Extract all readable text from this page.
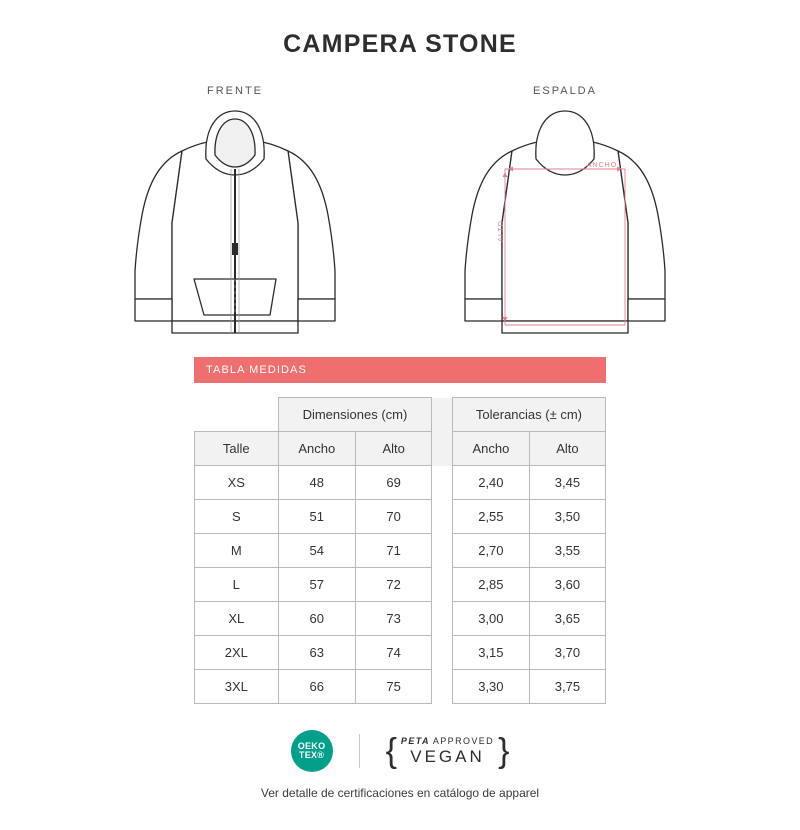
CAMPERA STONE
FRENTE	ESPALDA
ANCHO
ALTO
TABLA MEDIDAS
	Dimensiones (cm)			Tolerancias (± cm)	
Talle	Ancho	Alto		Ancho	Alto
XS	48	69		2,40	3,45
S	51	70		2,55	3,50
M	54	71		2,70	3,55
L	57	72		2,85	3,60
XL	60	73		3,00	3,65
2XL	63	74		3,15	3,70
3XL	66	75		3,30	3,75
OEKO
TEX® { PETA APPROVED
VEGAN }
Ver detalle de certificaciones en catálogo de apparel
